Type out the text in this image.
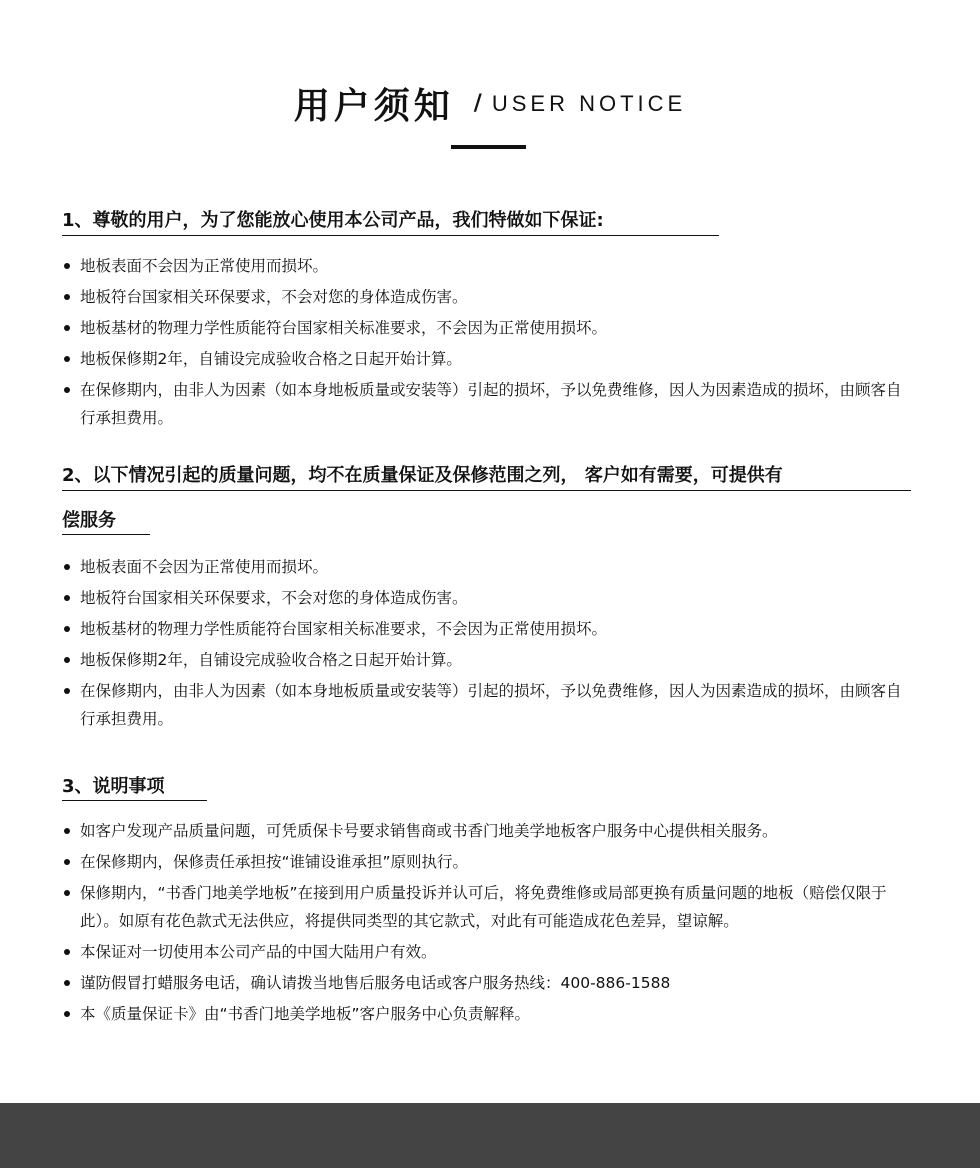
用户须知 / USER NOTICE
1、尊敬的用户，为了您能放心使用本公司产品，我们特做如下保证:
地板表面不会因为正常使用而损坏。
地板符台国家相关环保要求，不会对您的身体造成伤害。
地板基材的物理力学性质能符台国家相关标准要求，不会因为正常使用损坏。
地板保修期2年，自铺设完成验收合格之日起开始计算。
在保修期内，由非人为因素（如本身地板质量或安装等）引起的损坏，予以免费维修，因人为因素造成的损坏，由顾客自行承担费用。
2、以下情况引起的质量问题，均不在质量保证及保修范围之列， 客户如有需要，可提供有
偿服务
地板表面不会因为正常使用而损坏。
地板符台国家相关环保要求，不会对您的身体造成伤害。
地板基材的物理力学性质能符台国家相关标准要求，不会因为正常使用损坏。
地板保修期2年，自铺设完成验收合格之日起开始计算。
在保修期内，由非人为因素（如本身地板质量或安装等）引起的损坏，予以免费维修，因人为因素造成的损坏，由顾客自行承担费用。
3、说明事项
如客户发现产品质量问题，可凭质保卡号要求销售商或书香门地美学地板客户服务中心提供相关服务。
在保修期内，保修责任承担按“谁铺设谁承担”原则执行。
保修期内，“书香门地美学地板”在接到用户质量投诉并认可后，将免费维修或局部更换有质量问题的地板（赔偿仅限于此）。如原有花色款式无法供应，将提供同类型的其它款式，对此有可能造成花色差异，望谅解。
本保证对一切使用本公司产品的中国大陆用户有效。
谨防假冒打蜡服务电话，确认请拨当地售后服务电话或客户服务热线：400-886-1588
本《质量保证卡》由“书香门地美学地板”客户服务中心负责解释。
